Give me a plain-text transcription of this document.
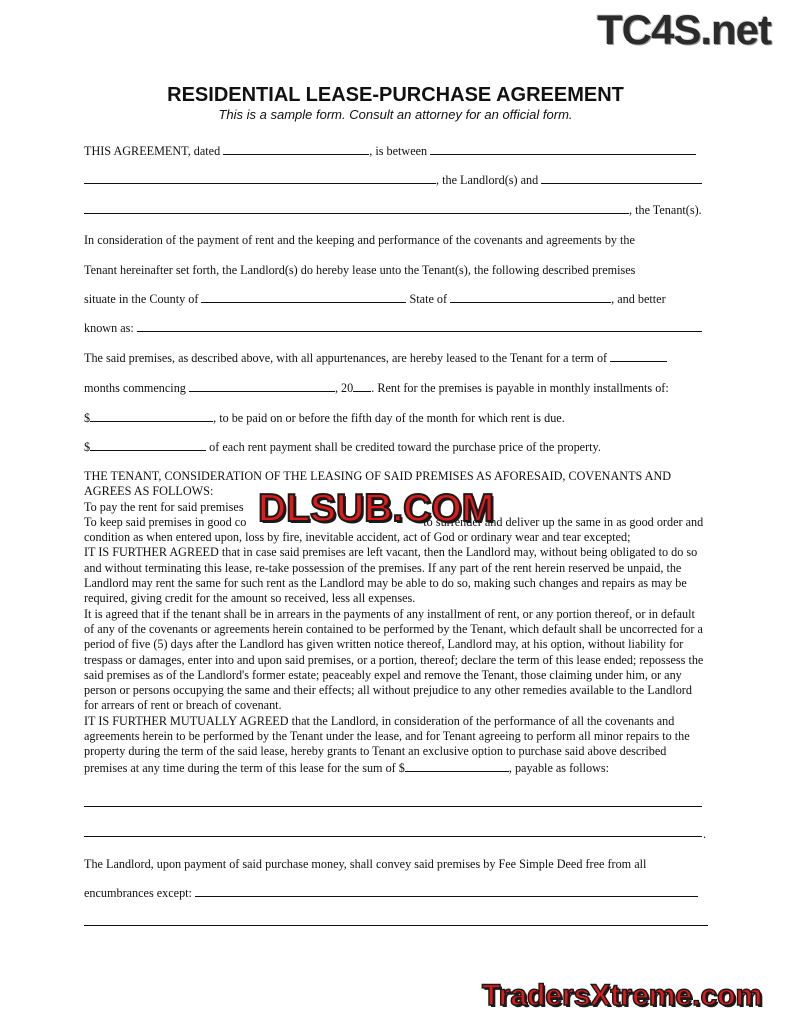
TC4S.net
RESIDENTIAL LEASE-PURCHASE AGREEMENT
This is a sample form. Consult an attorney for an official form.
THIS AGREEMENT, dated	, is between
, the Landlord(s) and
, the Tenant(s).
In consideration of the payment of rent and the keeping and performance of the covenants and agreements by the
Tenant hereinafter set forth, the Landlord(s) do hereby lease unto the Tenant(s), the following described premises
situate in the County of	State of	, and better
known as:
The said premises, as described above, with all appurtenances, are hereby leased to the Tenant for a term of
months commencing	, 20 . Rent for the premises is payable in monthly installments of:
$	, to be paid on or before the fifth day of the month for which rent is due.
$	of each rent payment shall be credited toward the purchase price of the property.

THE TENANT, CONSIDERATION OF THE LEASING OF SAID PREMISES AS AFORESAID, COVENANTS AND AGREES AS FOLLOWS:

To pay the rent for said premises

To keep said premises in good co	to surrender and deliver up the same in as good order and condition as when entered upon, loss by fire, inevitable accident, act of God or ordinary wear and tear excepted;

IT IS FURTHER AGREED that in case said premises are left vacant, then the Landlord may, without being obligated to do so and without terminating this lease, re-take possession of the premises. If any part of the rent herein reserved be unpaid, the Landlord may rent the same for such rent as the Landlord may be able to do so, making such changes and repairs as may be required, giving credit for the amount so received, less all expenses.

It is agreed that if the tenant shall be in arrears in the payments of any installment of rent, or any portion thereof, or in default of any of the covenants or agreements herein contained to be performed by the Tenant, which default shall be uncorrected for a period of five (5) days after the Landlord has given written notice thereof, Landlord may, at his option, without liability for trespass or damages, enter into and upon said premises, or a portion, thereof; declare the term of this lease ended; repossess the said premises as of the Landlord's former estate; peaceably expel and remove the Tenant, those claiming under him, or any person or persons occupying the same and their effects; all without prejudice to any other remedies available to the Landlord for arrears of rent or breach of covenant.

IT IS FURTHER MUTUALLY AGREED that the Landlord, in consideration of the performance of all the covenants and agreements herein to be performed by the Tenant under the lease, and for Tenant agreeing to perform all minor repairs to the property during the term of the said lease, hereby grants to Tenant an exclusive option to purchase said above described premises at any time during the term of this lease for the sum of $	, payable as follows:

.
The Landlord, upon payment of said purchase money, shall convey said premises by Fee Simple Deed free from all
encumbrances except:
DLSUB.COM
TradersXtreme.com
